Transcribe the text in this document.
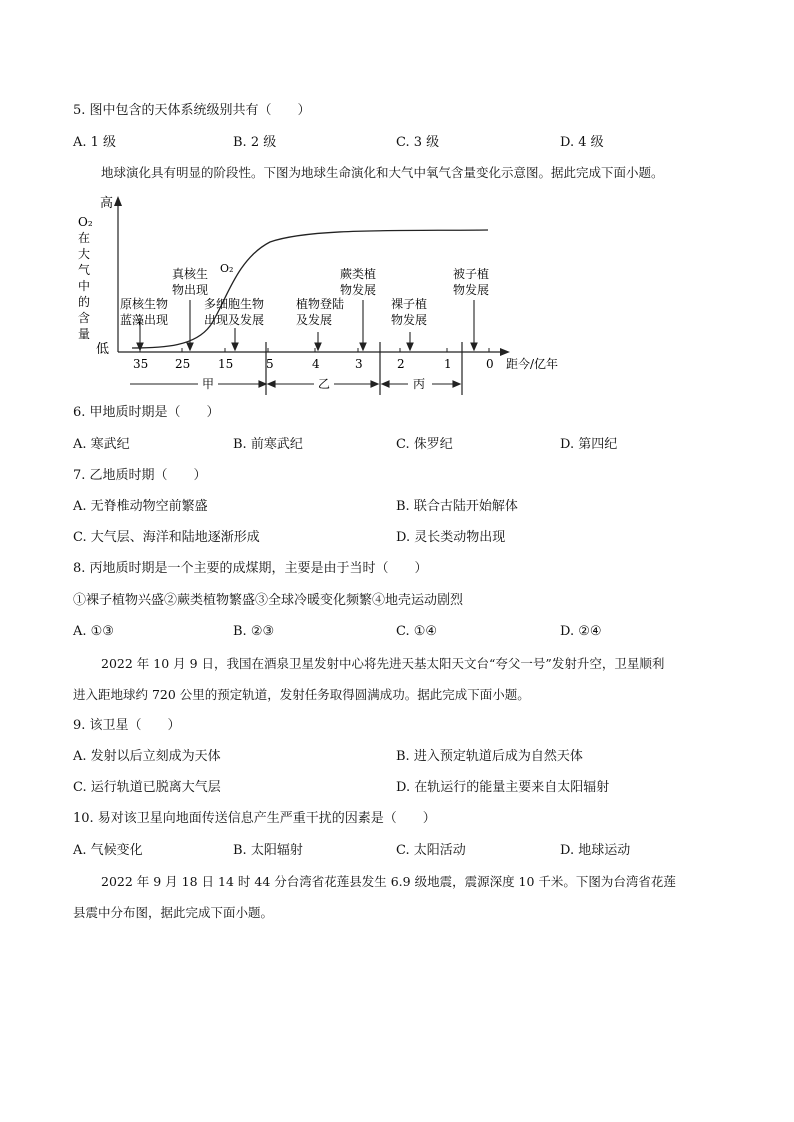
5. 图中包含的天体系统级别共有（　　）
A. 1 级	B. 2 级	C. 3 级	D. 4 级
地球演化具有明显的阶段性。下图为地球生命演化和大气中氧气含量变化示意图。据此完成下面小题。
高
低
O₂
在
大
气
中
的
含
量
O₂
原核生物
蓝藻出现
真核生
物出现
多细胞生物
出现及发展
植物登陆
及发展
蕨类植
物发展
裸子植
物发展
被子植
物发展
35 25 15	5	4	3	2	1	0 距今/亿年
甲	乙	丙
6. 甲地质时期是（　　）
A. 寒武纪	B. 前寒武纪	C. 侏罗纪	D. 第四纪
7. 乙地质时期（　　）
A. 无脊椎动物空前繁盛	B. 联合古陆开始解体
C. 大气层、海洋和陆地逐渐形成	D. 灵长类动物出现
8. 丙地质时期是一个主要的成煤期，主要是由于当时（　　）
①裸子植物兴盛②蕨类植物繁盛③全球冷暖变化频繁④地壳运动剧烈
A. ①③	B. ②③	C. ①④	D. ②④
2022 年 10 月 9 日，我国在酒泉卫星发射中心将先进天基太阳天文台“夸父一号”发射升空，卫星顺利
进入距地球约 720 公里的预定轨道，发射任务取得圆满成功。据此完成下面小题。
9. 该卫星（　　）
A. 发射以后立刻成为天体	B. 进入预定轨道后成为自然天体
C. 运行轨道已脱离大气层	D. 在轨运行的能量主要来自太阳辐射
10. 易对该卫星向地面传送信息产生严重干扰的因素是（　　）
A. 气候变化	B. 太阳辐射	C. 太阳活动	D. 地球运动
2022 年 9 月 18 日 14 时 44 分台湾省花莲县发生 6.9 级地震，震源深度 10 千米。下图为台湾省花莲
县震中分布图，据此完成下面小题。
